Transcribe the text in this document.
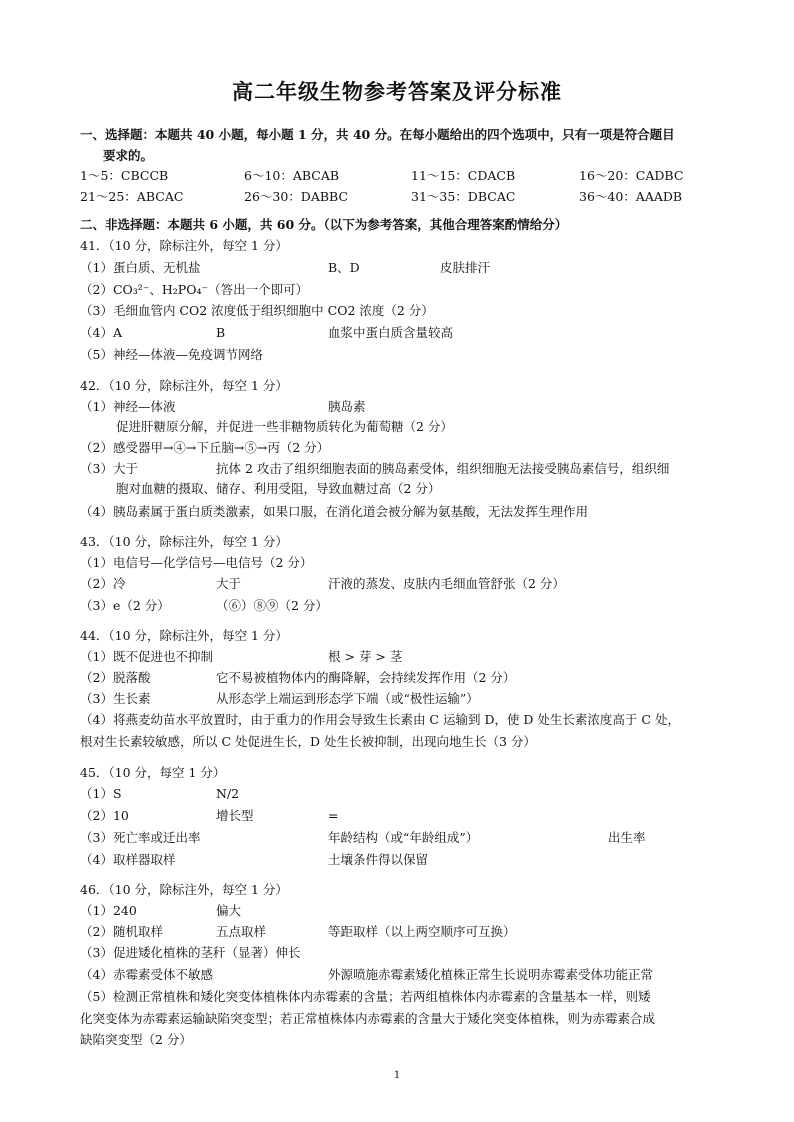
高二年级生物参考答案及评分标准
一、选择题：本题共 40 小题，每小题 1 分，共 40 分。在每小题给出的四个选项中，只有一项是符合题目
要求的。
1～5：CBCCB	6～10：ABCAB	11～15：CDACB	16～20：CADBC
21～25：ABCAC	26～30：DABBC	31～35：DBCAC	36～40：AAADB
二、非选择题：本题共 6 小题，共 60 分。（以下为参考答案，其他合理答案酌情给分）
41．（10 分，除标注外，每空 1 分）
（1）蛋白质、无机盐	B、D	皮肤排汗
（2）CO₃²⁻、H₂PO₄⁻（答出一个即可）
（3）毛细血管内 CO2 浓度低于组织细胞中 CO2 浓度（2 分）
（4）A	B	血浆中蛋白质含量较高
（5）神经—体液—免疫调节网络
42．（10 分，除标注外，每空 1 分）
（1）神经—体液	胰岛素
促进肝糖原分解，并促进一些非糖物质转化为葡萄糖（2 分）
（2）感受器甲→④→下丘脑→⑤→丙（2 分）
（3）大于	抗体 2 攻击了组织细胞表面的胰岛素受体，组织细胞无法接受胰岛素信号，组织细
胞对血糖的摄取、储存、利用受阻，导致血糖过高（2 分）
（4）胰岛素属于蛋白质类激素，如果口服，在消化道会被分解为氨基酸，无法发挥生理作用
43．（10 分，除标注外，每空 1 分）
（1）电信号—化学信号—电信号（2 分）
（2）冷	大于	汗液的蒸发、皮肤内毛细血管舒张（2 分）
（3）e（2 分）	（⑥）⑧⑨（2 分）
44．（10 分，除标注外，每空 1 分）
（1）既不促进也不抑制	根 > 芽 > 茎
（2）脱落酸	它不易被植物体内的酶降解，会持续发挥作用（2 分）
（3）生长素	从形态学上端运到形态学下端（或“极性运输”）
（4）将燕麦幼苗水平放置时，由于重力的作用会导致生长素由 C 运输到 D，使 D 处生长素浓度高于 C 处，
根对生长素较敏感，所以 C 处促进生长，D 处生长被抑制，出现向地生长（3 分）
45．（10 分，每空 1 分）
（1）S	N/2
（2）10	增长型	=
（3）死亡率或迁出率	年龄结构（或“年龄组成”）	出生率
（4）取样器取样	土壤条件得以保留
46．（10 分，除标注外，每空 1 分）
（1）240	偏大
（2）随机取样	五点取样	等距取样（以上两空顺序可互换）
（3）促进矮化植株的茎秆（显著）伸长
（4）赤霉素受体不敏感	外源喷施赤霉素矮化植株正常生长说明赤霉素受体功能正常
（5）检测正常植株和矮化突变体植株体内赤霉素的含量；若两组植株体内赤霉素的含量基本一样，则矮
化突变体为赤霉素运输缺陷突变型；若正常植株体内赤霉素的含量大于矮化突变体植株，则为赤霉素合成
缺陷突变型（2 分）
1
